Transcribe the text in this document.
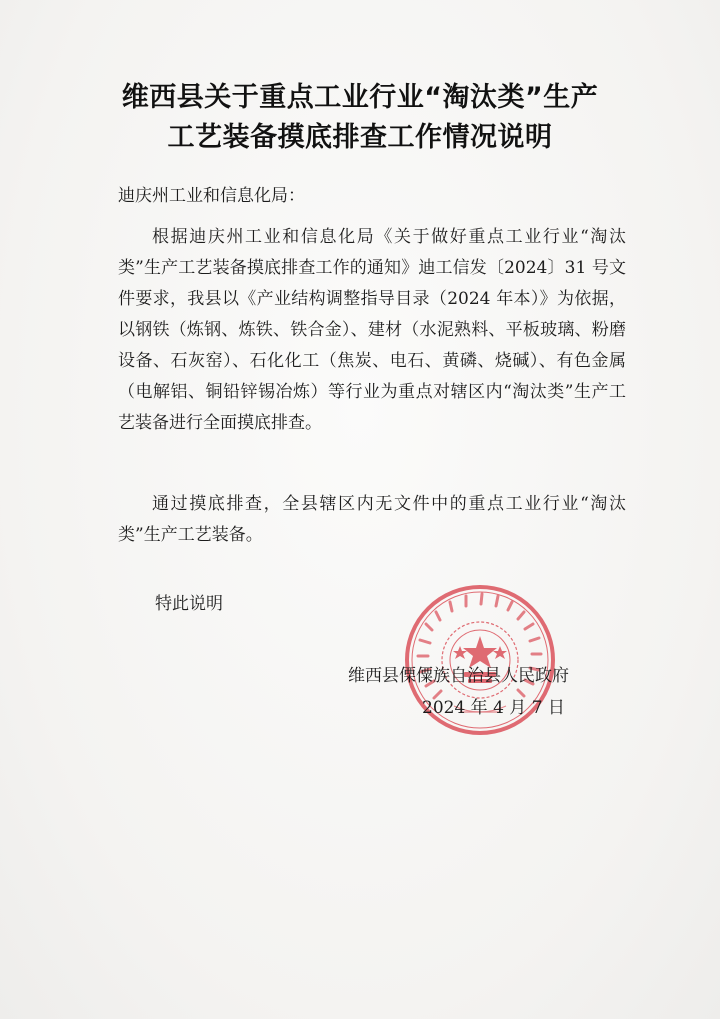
维西县关于重点工业行业“淘汰类”生产
工艺装备摸底排查工作情况说明
迪庆州工业和信息化局：
根据迪庆州工业和信息化局《关于做好重点工业行业“淘汰类”生产工艺装备摸底排查工作的通知》迪工信发〔2024〕31 号文件要求，我县以《产业结构调整指导目录（2024 年本）》为依据，以钢铁（炼钢、炼铁、铁合金）、建材（水泥熟料、平板玻璃、粉磨设备、石灰窑）、石化化工（焦炭、电石、黄磷、烧碱）、有色金属（电解铝、铜铅锌锡冶炼）等行业为重点对辖区内“淘汰类”生产工艺装备进行全面摸底排查。
通过摸底排查，全县辖区内无文件中的重点工业行业“淘汰类”生产工艺装备。
特此说明
维西县傈僳族自治县人民政府
2024 年 4 月 7 日
